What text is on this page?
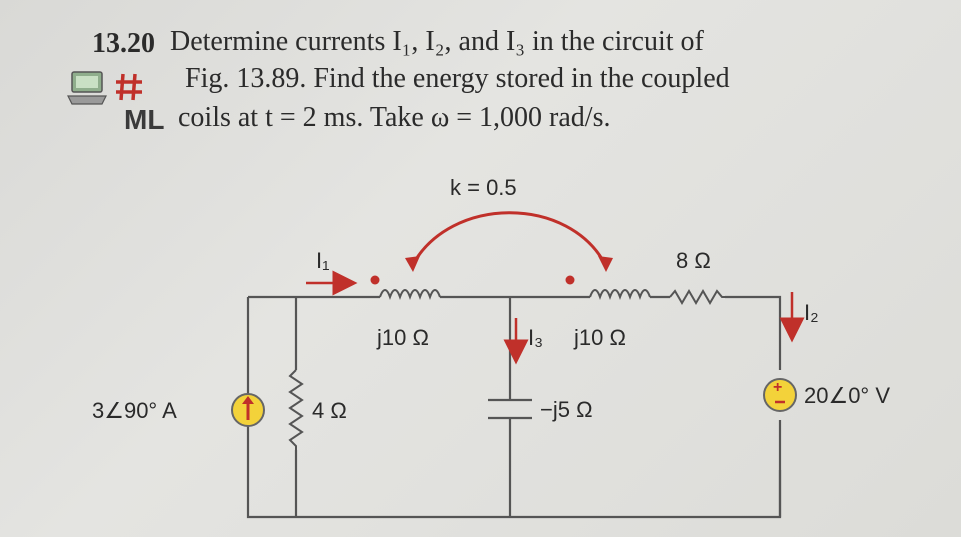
13.20 Determine currents I₁, I₂, and I₃ in the circuit of
Fig. 13.89. Find the energy stored in the coupled
ML coils at t = 2 ms. Take ω = 1,000 rad/s.
3∠90° A	4 Ω
I₁
j10 Ω
k = 0.5
j10 Ω
I₃
8 Ω
I₂
−j5 Ω
+ 20∠0° V
